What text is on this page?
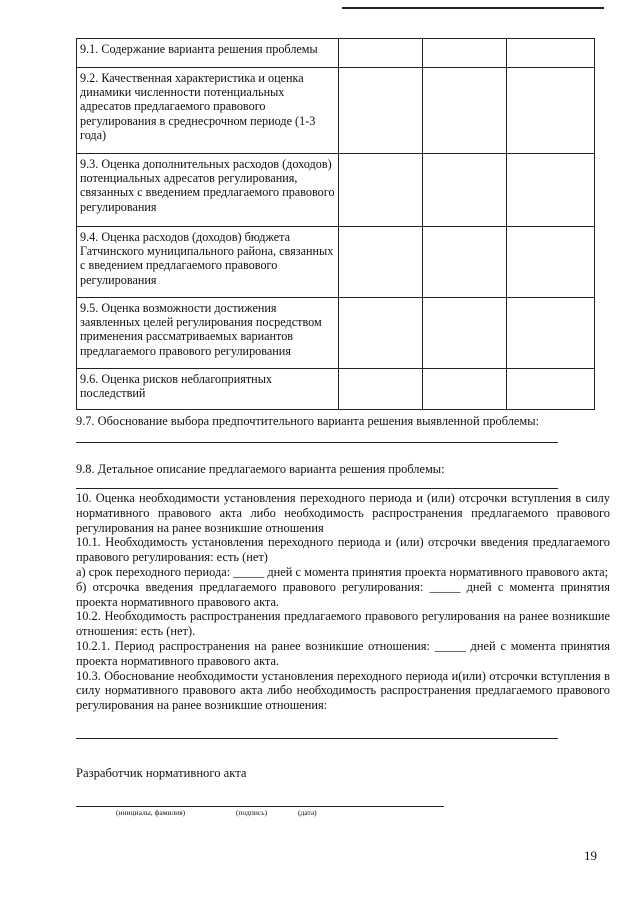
9.1. Содержание варианта решения проблемы			
9.2. Качественная характеристика и оценка динамики численности потенциальных адресатов предлагаемого правового регулирования в среднесрочном периоде (1-3 года)			
9.3. Оценка дополнительных расходов (доходов) потенциальных адресатов регулирования, связанных с введением предлагаемого правового регулирования			
9.4. Оценка расходов (доходов) бюджета Гатчинского муниципального района, связанных с введением предлагаемого правового регулирования			
9.5. Оценка возможности достижения заявленных целей регулирования посредством применения рассматриваемых вариантов предлагаемого правового регулирования			
9.6. Оценка рисков неблагоприятных последствий			

9.7. Обоснование выбора предпочтительного варианта решения выявленной проблемы:

9.8. Детальное описание предлагаемого варианта решения проблемы:

10. Оценка необходимости установления переходного периода и (или) отсрочки вступления в силу нормативного правового акта либо необходимость распространения предлагаемого правового регулирования на ранее возникшие отношения

10.1. Необходимость установления переходного периода и (или) отсрочки введения предлагаемого правового регулирования: есть (нет)

а) срок переходного периода: _____ дней с момента принятия проекта нормативного правового акта;

б) отсрочка введения предлагаемого правового регулирования: _____ дней с момента принятия проекта нормативного правового акта.

10.2. Необходимость распространения предлагаемого правового регулирования на ранее возникшие отношения: есть (нет).

10.2.1. Период распространения на ранее возникшие отношения: _____ дней с момента принятия проекта нормативного правового акта.

10.3. Обоснование необходимости установления переходного периода и(или) отсрочки вступления в силу нормативного правового акта либо необходимость распространения предлагаемого правового регулирования на ранее возникшие отношения:

Разработчик нормативного акта

(инициалы, фамилия)	(подпись)	(дата)
19
